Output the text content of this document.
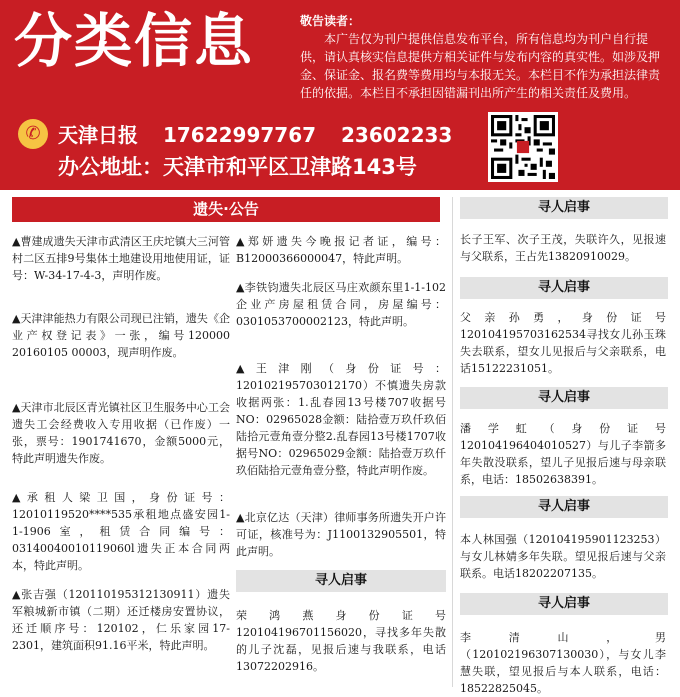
分类信息	敬告读者：
本广告仅为刊户提供信息发布平台，所有信息均为刊户自行提供，请认真核实信息提供方相关证件与发布内容的真实性。如涉及押金、保证金、报名费等费用均与本报无关。本栏目不作为承担法律责任的依据。本栏目不承担因错漏刊出所产生的相关责任及费用。
✆ 天津日报 17622997767 23602233
办公地址：天津市和平区卫津路143号
遗失·公告
▲曹建成遗失天津市武清区王庆坨镇大三河管村二区五排9号集体土地建设用地使用证，证号：W-34-17-4-3，声明作废。
▲天津津能热力有限公司现已注销，遗失《企业产权登记表》一张，编号120000 20160105 00003，现声明作废。
▲天津市北辰区青光镇社区卫生服务中心工会遗失工会经费收入专用收据（已作废）一张，票号：1901741670，金额5000元，特此声明遗失作废。
▲承租人梁卫国，身份证号：12010119520****535承租地点盛安园1-1-1906室，租赁合同编号：03140040010119060l遗失正本合同两本，特此声明。
▲张吉强（120110195312130911）遗失军粮城新市镇（二期）还迁楼房安置协议，还迁顺序号：120102，仁乐家园17-2301，建筑面积91.16平米，特此声明。
▲郑妍遗失今晚报记者证，编号：B12000366000047，特此声明。
▲李铁钧遗失北辰区马庄欢颜东里1-1-102企业产房屋租赁合同，房屋编号：0301053700002123，特此声明。
▲王津刚（身份证号：120102195703012170）不慎遗失房款收据两张：1.乱春园13号楼707收据号NO：02965028金额：陆拾壹万玖仟玖佰陆拾元壹角壹分整2.乱春园13号楼1707收据号NO：02965029金额：陆拾壹万玖仟玖佰陆拾元壹角壹分整，特此声明作废。
▲北京亿达（天津）律师事务所遗失开户许可证，核准号为：J1100132905501，特此声明。
寻人启事
荣鸿燕身份证号120104196701156020，寻找多年失散的儿子沈磊，见报后速与我联系，电话13072202916。
寻人启事
长子王军、次子王茂，失联许久，见报速与父联系，王占先13820910029。
寻人启事
父亲孙勇，身份证号120104195703162534寻找女儿孙玉珠失去联系，望女儿见报后与父亲联系，电话15122231051。
寻人启事
潘学虹（身份证号120104196404010527）与儿子李箭多年失散没联系，望儿子见报后速与母亲联系，电话：18502638391。
寻人启事
本人林国强（120104195901123253）与女儿林婧多年失联。望见报后速与父亲联系。电话18202207135。
寻人启事
李清山，男（120102196307130030），与女儿李慧失联，望见报后与本人联系，电话：18522825045。
